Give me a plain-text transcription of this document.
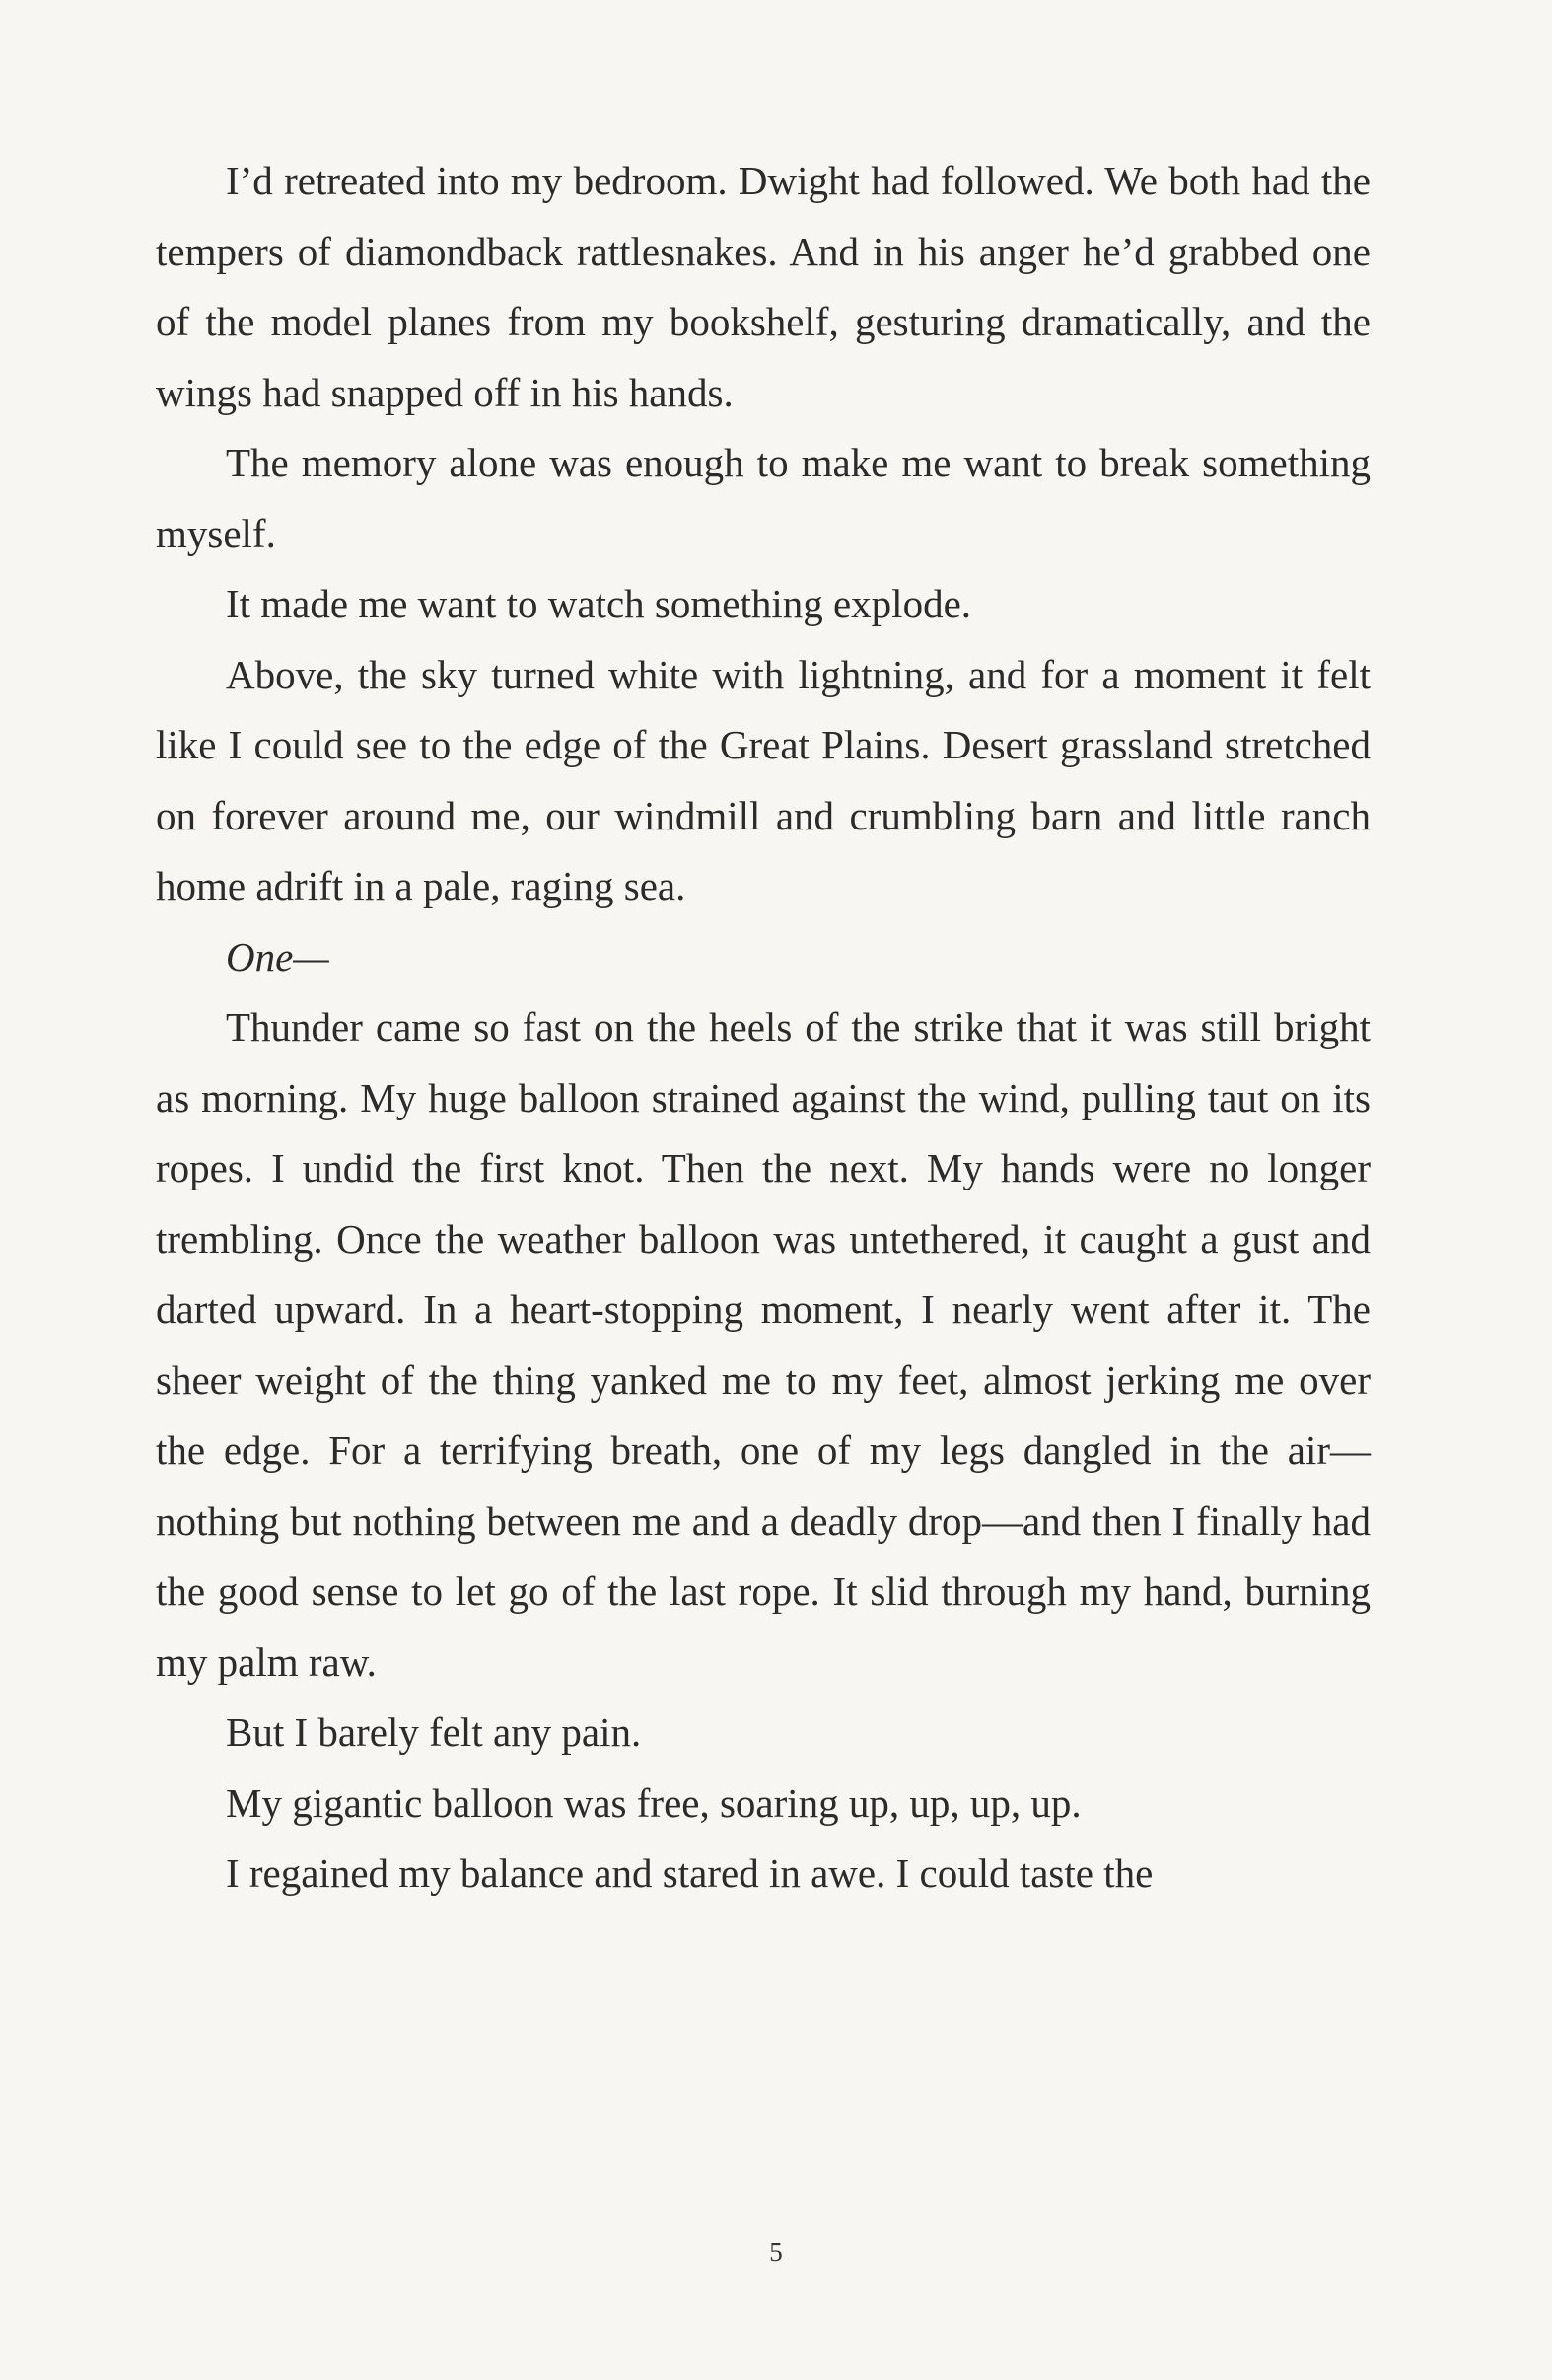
I’d retreated into my bedroom. Dwight had followed. We both had the tempers of diamondback rattlesnakes. And in his anger he’d grabbed one of the model planes from my bookshelf, gesturing dramatically, and the wings had snapped off in his hands.

The memory alone was enough to make me want to break something myself.

It made me want to watch something explode.

Above, the sky turned white with lightning, and for a moment it felt like I could see to the edge of the Great Plains. Desert grassland stretched on forever around me, our windmill and crumbling barn and little ranch home adrift in a pale, raging sea.

One—

Thunder came so fast on the heels of the strike that it was still bright as morning. My huge balloon strained against the wind, pulling taut on its ropes. I undid the first knot. Then the next. My hands were no longer trembling. Once the weather balloon was untethered, it caught a gust and darted upward. In a heart-stopping moment, I nearly went after it. The sheer weight of the thing yanked me to my feet, almost jerking me over the edge. For a terrifying breath, one of my legs dangled in the air—nothing but nothing between me and a deadly drop—and then I finally had the good sense to let go of the last rope. It slid through my hand, burning my palm raw.

But I barely felt any pain.

My gigantic balloon was free, soaring up, up, up, up.

I regained my balance and stared in awe. I could taste the

5
